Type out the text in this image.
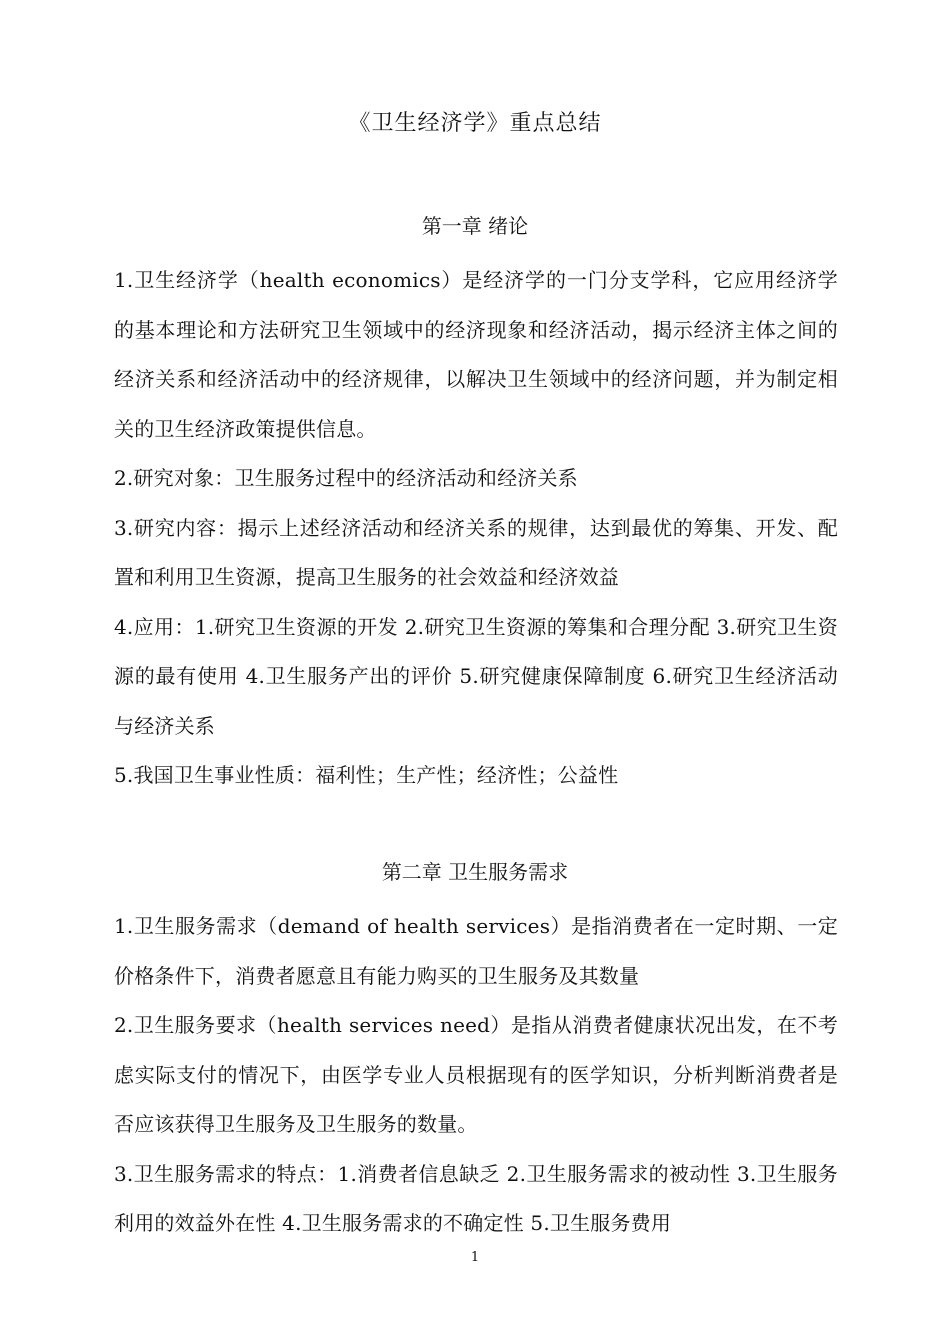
《卫生经济学》重点总结
第一章 绪论

1.卫生经济学（health economics）是经济学的一门分支学科，它应用经济学的基本理论和方法研究卫生领域中的经济现象和经济活动，揭示经济主体之间的经济关系和经济活动中的经济规律，以解决卫生领域中的经济问题，并为制定相关的卫生经济政策提供信息。

2.研究对象：卫生服务过程中的经济活动和经济关系

3.研究内容：揭示上述经济活动和经济关系的规律，达到最优的筹集、开发、配置和利用卫生资源，提高卫生服务的社会效益和经济效益

4.应用：1.研究卫生资源的开发 2.研究卫生资源的筹集和合理分配 3.研究卫生资源的最有使用 4.卫生服务产出的评价 5.研究健康保障制度 6.研究卫生经济活动与经济关系

5.我国卫生事业性质：福利性；生产性；经济性；公益性

第二章 卫生服务需求

1.卫生服务需求（demand of health services）是指消费者在一定时期、一定价格条件下，消费者愿意且有能力购买的卫生服务及其数量

2.卫生服务要求（health services need）是指从消费者健康状况出发，在不考虑实际支付的情况下，由医学专业人员根据现有的医学知识，分析判断消费者是否应该获得卫生服务及卫生服务的数量。

3.卫生服务需求的特点：1.消费者信息缺乏 2.卫生服务需求的被动性 3.卫生服务利用的效益外在性 4.卫生服务需求的不确定性 5.卫生服务费用

1
